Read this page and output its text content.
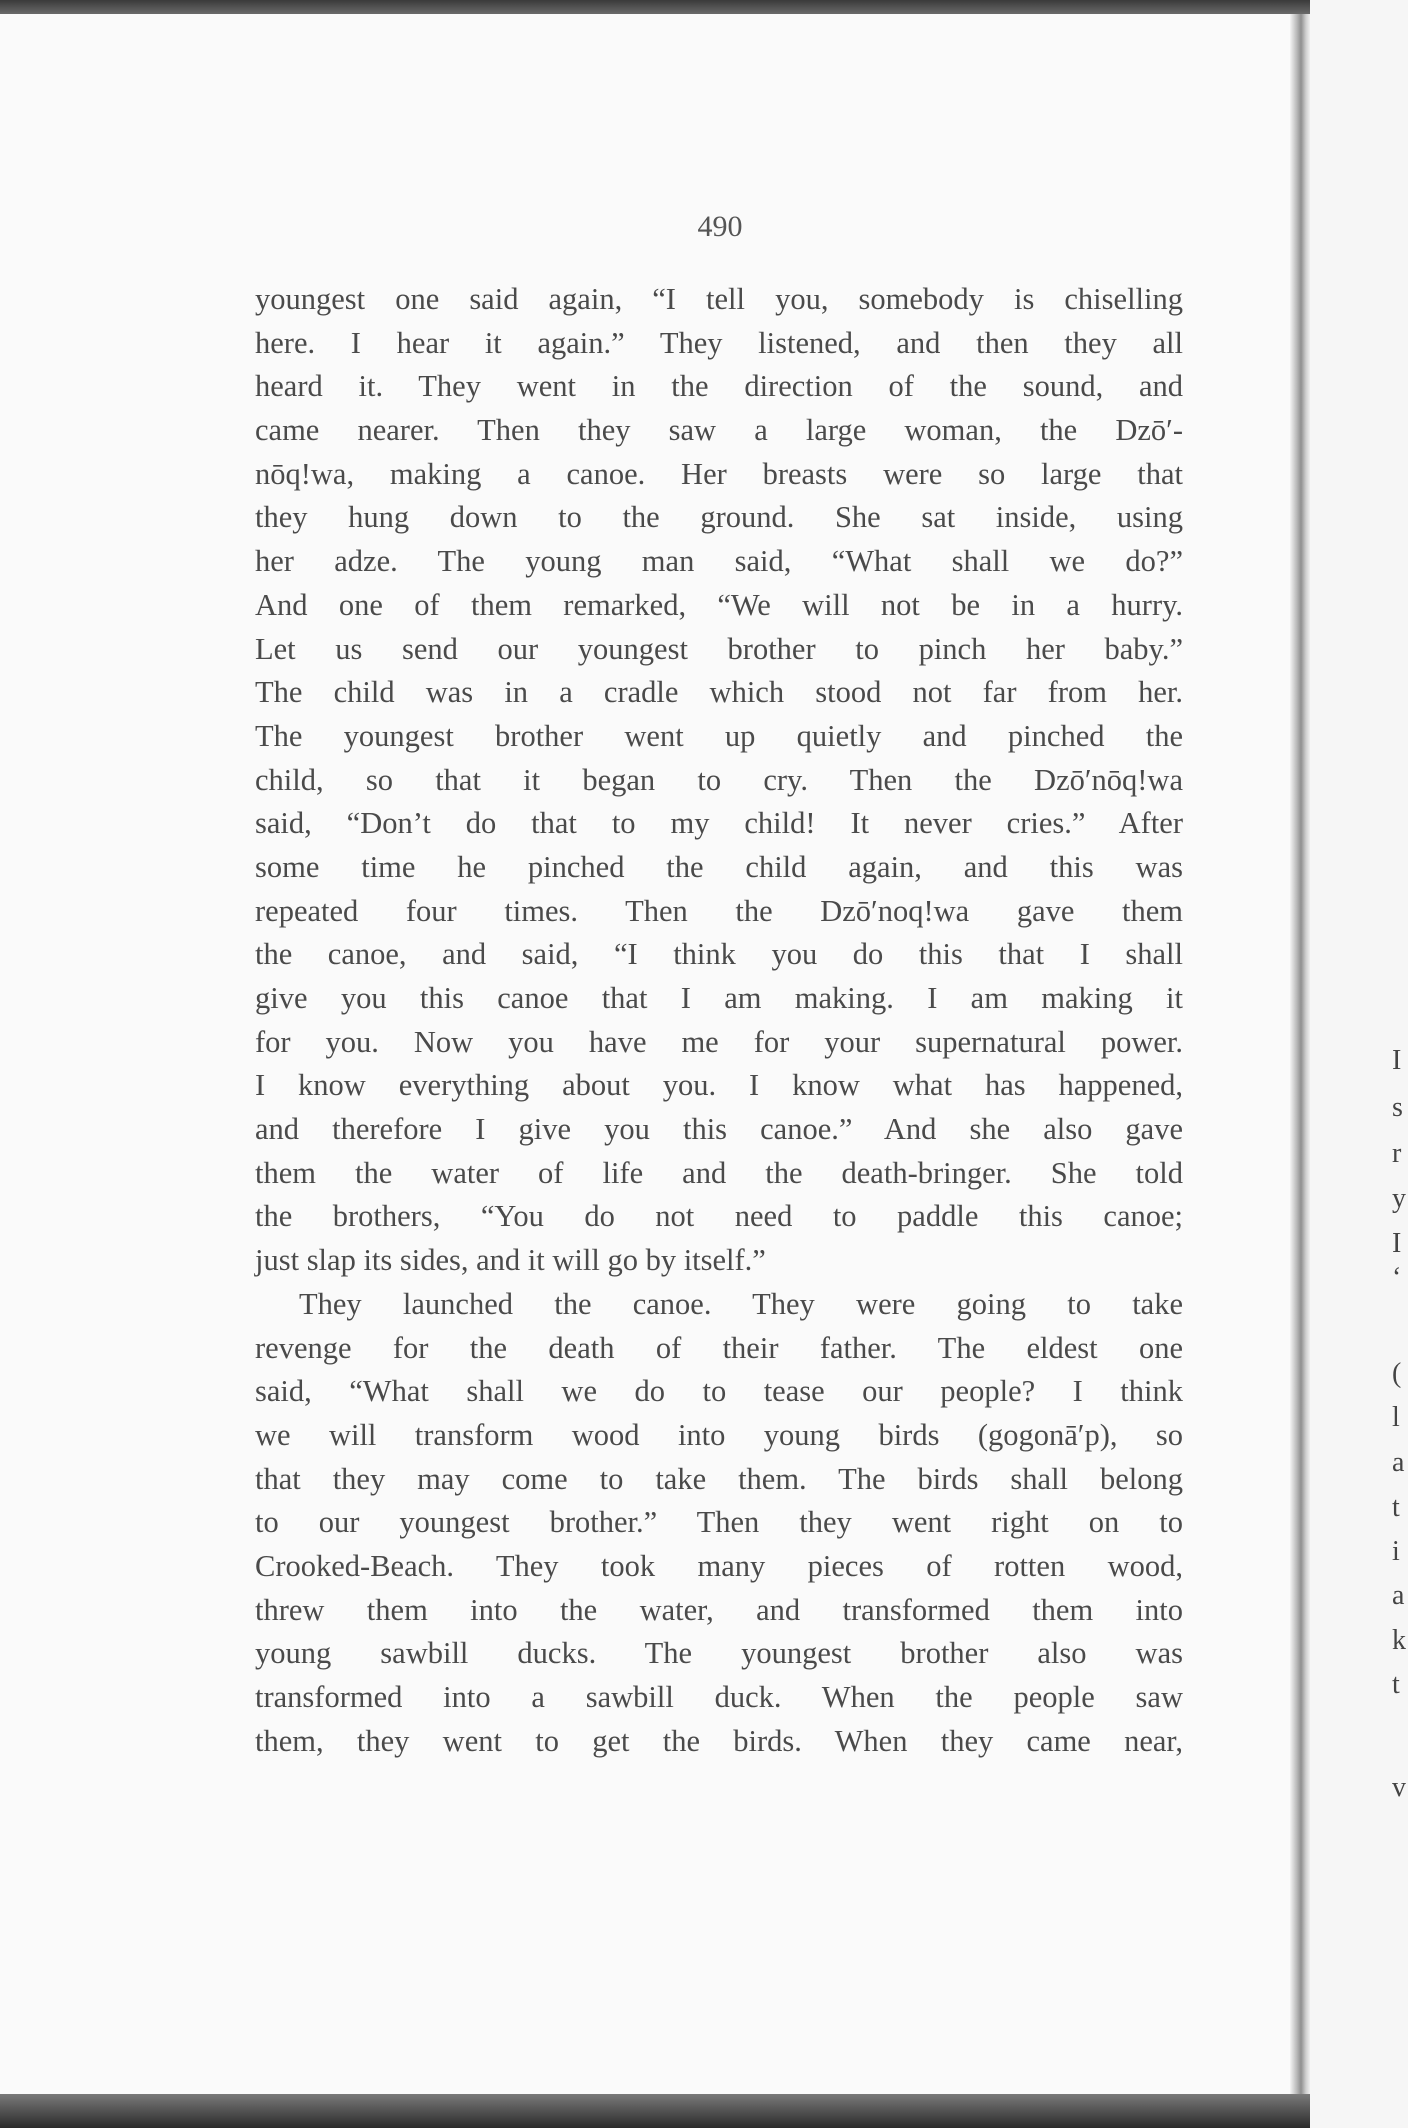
490
youngest one said again, “I tell you, somebody is chiselling
here. I hear it again.” They listened, and then they all
heard it. They went in the direction of the sound, and
came nearer. Then they saw a large woman, the Dzō′-
nōq!wa, making a canoe. Her breasts were so large that
they hung down to the ground. She sat inside, using
her adze. The young man said, “What shall we do?”
And one of them remarked, “We will not be in a hurry.
Let us send our youngest brother to pinch her baby.”
The child was in a cradle which stood not far from her.
The youngest brother went up quietly and pinched the
child, so that it began to cry. Then the Dzō′nōq!wa
said, “Don’t do that to my child! It never cries.” After
some time he pinched the child again, and this was
repeated four times. Then the Dzō′noq!wa gave them
the canoe, and said, “I think you do this that I shall
give you this canoe that I am making. I am making it
for you. Now you have me for your supernatural power.
I know everything about you. I know what has happened,
and therefore I give you this canoe.” And she also gave
them the water of life and the death-bringer. She told
the brothers, “You do not need to paddle this canoe;
just slap its sides, and it will go by itself.”
They launched the canoe. They were going to take
revenge for the death of their father. The eldest one
said, “What shall we do to tease our people? I think
we will transform wood into young birds (gogonā′p), so
that they may come to take them. The birds shall belong
to our youngest brother.” Then they went right on to
Crooked-Beach. They took many pieces of rotten wood,
threw them into the water, and transformed them into
young sawbill ducks. The youngest brother also was
transformed into a sawbill duck. When the people saw
them, they went to get the birds. When they came near,
I
s
r
y
I
‘
(
l
a
t
i
a
k
t
v
